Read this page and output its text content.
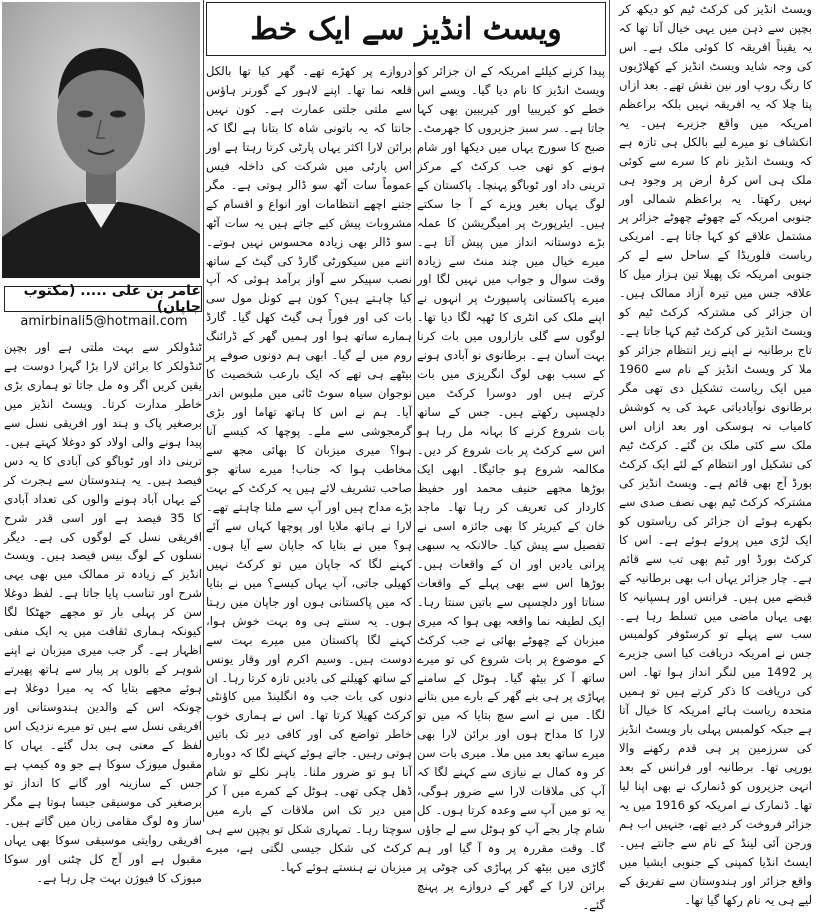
ویسٹ انڈیز کی کرکٹ ٹیم کو دیکھ کر بچپن سے ذہن میں یہی خیال آتا تھا کہ یہ یقیناً افریقہ کا کوئی ملک ہے۔ اس کی وجہ شاید ویسٹ انڈیز کے کھلاڑیوں کا رنگ روپ اور نین نقش تھے۔ بعد ازاں پتا چلا کہ یہ افریقہ نہیں بلکہ براعظم امریکہ میں واقع جزیرے ہیں۔ یہ انکشاف تو میرے لیے بالکل ہی تازہ ہے کہ ویسٹ انڈیز نام کا سرے سے کوئی ملک ہی اس کرۂ ارض پر وجود ہی نہیں رکھتا۔ یہ براعظم شمالی اور جنوبی امریکہ کے چھوٹے چھوٹے جزائر پر مشتمل علاقے کو کہا جاتا ہے۔ امریکی ریاست فلوریڈا کے ساحل سے لے کر جنوبی امریکہ تک پھیلا تین ہزار میل کا علاقہ جس میں تیرہ آزاد ممالک ہیں۔ ان جزائر کی مشترکہ کرکٹ ٹیم کو ویسٹ انڈیز کی کرکٹ ٹیم کہا جاتا ہے۔ تاج برطانیہ نے اپنے زیر انتظام جزائر کو ملا کر ویسٹ انڈیز کے نام سے 1960 میں ایک ریاست تشکیل دی تھی مگر برطانوی نوآبادیاتی عہد کی یہ کوشش کامیاب نہ ہوسکی اور بعد ازاں اس ملک سے کئی ملک بن گئے۔ کرکٹ ٹیم کی تشکیل اور انتظام کے لئے ایک کرکٹ بورڈ آج بھی قائم ہے۔ ویسٹ انڈیز کی مشترکہ کرکٹ ٹیم بھی نصف صدی سے بکھرے ہوئے ان جزائر کی ریاستوں کو ایک لڑی میں پروئے ہوئے ہے۔ اس کا کرکٹ بورڈ اور ٹیم بھی تب سے قائم ہے۔ چار جزائر یہاں اب بھی برطانیہ کے قبضے میں ہیں۔ فرانس اور ہسپانیہ کا بھی یہاں ماضی میں تسلط رہا ہے۔ سب سے پہلے تو کرسٹوفر کولمبس جس نے امریکہ دریافت کیا اسی جزیرے پر 1492 میں لنگر انداز ہوا تھا۔ اس کی دریافت کا ذکر کرتے ہیں تو ہمیں متحدہ ریاست ہائے امریکہ کا خیال آتا ہے جبکہ کولمبس پہلی بار ویسٹ انڈیز کی سرزمین پر ہی قدم رکھنے والا یورپی تھا۔ برطانیہ اور فرانس کے بعد انہی جزیروں کو ڈنمارک نے بھی اپنا لیا تھا۔ ڈنمارک نے امریکہ کو 1916 میں یہ جزائر فروخت کر دیے تھے، جنہیں اب ہم ورجن آئی لینڈ کے نام سے جانتے ہیں۔ ایسٹ انڈیا کمپنی کے جنوبی ایشیا میں واقع جزائر اور ہندوستان سے تفریق کے لیے ہی یہ نام رکھا گیا تھا۔

ویسٹ انڈیز سے ایک خط

پیدا کرنے کیلئے امریکہ کے ان جزائر کو ویسٹ انڈیز کا نام دیا گیا۔ ویسے اس خطے کو کیریبیا اور کیریبین بھی کہا جاتا ہے۔ سر سبز جزیروں کا جھرمٹ۔ صبح کا سورج یہاں میں دیکھا اور شام ہونے کو تھی جب کرکٹ کے مرکز ترینی داد اور ٹوباگو پہنچا۔ پاکستان کے لوگ یہاں بغیر ویزے کے آ جا سکتے ہیں۔ ایئرپورٹ پر امیگریشن کا عملہ بڑے دوستانہ انداز میں پیش آتا ہے۔ میرے خیال میں چند منٹ سے زیادہ وقت سوال و جواب میں نہیں لگا اور میرے پاکستانی پاسپورٹ پر انہوں نے اپنے ملک کی انٹری کا ٹھپہ لگا دیا تھا۔ لوگوں سے گلی بازاروں میں بات کرنا بہت آسان ہے۔ برطانوی نو آبادی ہونے کے سبب بھی لوگ انگریزی میں بات کرتے ہیں اور دوسرا کرکٹ میں دلچسپی رکھتے ہیں۔ جس کے ساتھ بات شروع کرنے کا بہانہ مل رہا ہو اس سے کرکٹ پر بات شروع کر دیں۔ مکالمہ شروع ہو جائیگا۔ ابھی ایک بوڑھا مجھے حنیف محمد اور حفیظ کاردار کی تعریف کر رہا تھا۔ ماجد خان کے کیریئر کا بھی جائزہ اسی نے تفصیل سے پیش کیا۔ حالانکہ یہ سبھی پرانی یادیں اور ان کے واقعات ہیں۔ بوڑھا اس سے بھی پہلے کے واقعات سناتا اور دلچسپی سے باتیں سنتا رہا۔ ایک لطیفہ نما واقعہ بھی ہوا کہ میری میزبان کے چھوٹے بھائی نے جب کرکٹ کے موضوع پر بات شروع کی تو میرے ساتھ آ کر بیٹھ گیا۔ ہوٹل کے سامنے پہاڑی پر ہی بنے گھر کے بارے میں بتانے لگا۔ میں نے اسے سچ بتایا کہ میں تو لارا کا مداح ہوں اور برائن لارا بھی میرے ساتھ بعد میں ملا۔ میری بات سن کر وہ کمال بے نیازی سے کہنے لگا کہ آپ کی ملاقات لارا سے ضرور ہوگی، یہ تو میں آپ سے وعدہ کرتا ہوں۔ کل شام چار بجے آپ کو ہوٹل سے لے جاؤں گا۔ وقت مقررہ پر وہ آ گیا اور ہم گاڑی میں بیٹھ کر پہاڑی کی چوٹی پر برائن لارا کے گھر کے دروازے پر پہنچ گئے۔

دروازے پر کھڑے تھے۔ گھر کیا تھا بالکل قلعہ نما تھا۔ اپنے لاہور کے گورنر ہاؤس سے ملتی جلتی عمارت ہے۔ کون نہیں جانتا کہ یہ باتونی شاہ کا بتانا ہے لگا کہ برائن لارا اکثر یہاں پارٹی کرتا رہتا ہے اور اس پارٹی میں شرکت کی داخلہ فیس عموماً سات آٹھ سو ڈالر ہوتی ہے۔ مگر جتنے اچھے انتظامات اور انواع و اقسام کے مشروبات پیش کیے جاتے ہیں یہ سات آٹھ سو ڈالر بھی زیادہ محسوس نہیں ہوتے۔ اتنے میں سیکورٹی گارڈ کی گیٹ کے ساتھ نصب سپیکر سے آواز برآمد ہوئی کہ آپ کیا چاہتے ہیں؟ کون ہے کونل مول سی بات کی اور فوراً ہی گیٹ کھل گیا۔ گارڈ ہمارے ساتھ ہوا اور ہمیں گھر کے ڈرائنگ روم میں لے گیا۔ ابھی ہم دونوں صوفے پر بیٹھے ہی تھے کہ ایک بارعب شخصیت کا نوجوان سیاہ سوٹ ٹائی میں ملبوس اندر آیا۔ ہم نے اس کا ہاتھ تھاما اور بڑی گرمجوشی سے ملے۔ پوچھا کہ کیسے آنا ہوا؟ میری میزبان کا بھائی مجھ سے مخاطب ہوا کہ جناب! میرے ساتھ جو صاحب تشریف لائے ہیں یہ کرکٹ کے بہت بڑے مداح ہیں اور آپ سے ملنا چاہتے تھے۔ لارا نے ہاتھ ملایا اور پوچھا کہاں سے آئے ہو؟ میں نے بتایا کہ جاپان سے آیا ہوں۔ کہنے لگا کہ جاپان میں تو کرکٹ نہیں کھیلی جاتی، آپ یہاں کیسے؟ میں نے بتایا کہ میں پاکستانی ہوں اور جاپان میں رہتا ہوں۔ یہ سنتے ہی وہ بہت خوش ہوا، کہنے لگا پاکستان میں میرے بہت سے دوست ہیں۔ وسیم اکرم اور وقار یونس کے ساتھ کھیلنے کی یادیں تازہ کرتا رہا۔ ان دنوں کی بات جب وہ انگلینڈ میں کاؤنٹی کرکٹ کھیلا کرتا تھا۔ اس نے ہماری خوب خاطر تواضع کی اور کافی دیر تک باتیں ہوتی رہیں۔ جاتے ہوئے کہنے لگا کہ دوبارہ آنا ہو تو ضرور ملنا۔ باہر نکلے تو شام ڈھل چکی تھی۔ ہوٹل کے کمرے میں آ کر میں دیر تک اس ملاقات کے بارے میں سوچتا رہا۔ تمہاری شکل تو بچپن سے ہی کرکٹ کی شکل جیسی لگتی ہے، میرے میزبان نے ہنستے ہوئے کہا۔

عامر بن علی ..... (مکتوب جاپان)
amirbinali5@hotmail.com

ٹنڈولکر سے بہت ملتی ہے اور بچپن ٹنڈولکر کا برائن لارا بڑا گہرا دوست ہے یقین کریں اگر وہ مل جاتا تو ہماری بڑی خاطر مدارت کرتا۔ ویسٹ انڈیز میں برصغیر پاک و ہند اور افریقی نسل سے پیدا ہونے والی اولاد کو دوغلا کہتے ہیں۔ ترینی داد اور ٹوباگو کی آبادی کا یہ دس فیصد ہیں۔ یہ ہندوستان سے ہجرت کر کے یہاں آباد ہونے والوں کی تعداد آبادی کا 35 فیصد ہے اور اسی قدر شرح افریقی نسل کے لوگوں کی ہے۔ دیگر نسلوں کے لوگ بیس فیصد ہیں۔ ویسٹ انڈیز کے زیادہ تر ممالک میں بھی یہی شرح اور تناسب پایا جاتا ہے۔ لفظ دوغلا سن کر پہلی بار تو مجھے جھٹکا لگا کیونکہ ہماری ثقافت میں یہ ایک منفی اظہار ہے۔ گر جب میری میزبان نے اپنے شوہر کے بالوں پر پیار سے ہاتھ پھیرتے ہوئے مجھے بتایا کہ یہ میرا دوغلا ہے چونکہ اس کے والدین ہندوستانی اور افریقی نسل سے ہیں تو میرے نزدیک اس لفظ کے معنی ہی بدل گئے۔ یہاں کا مقبول میوزک سوکا ہے جو وہ کیمپ ہے جس کے سازینہ اور گانے کا انداز تو برصغیر کی موسیقی جیسا ہوتا ہے مگر ساز وہ لوگ مقامی زبان میں گاتے ہیں۔ افریقی روایتی موسیقی سوکا بھی یہاں مقبول ہے اور آج کل چٹنی اور سوکا میوزک کا فیوژن بہت چل رہا ہے۔
